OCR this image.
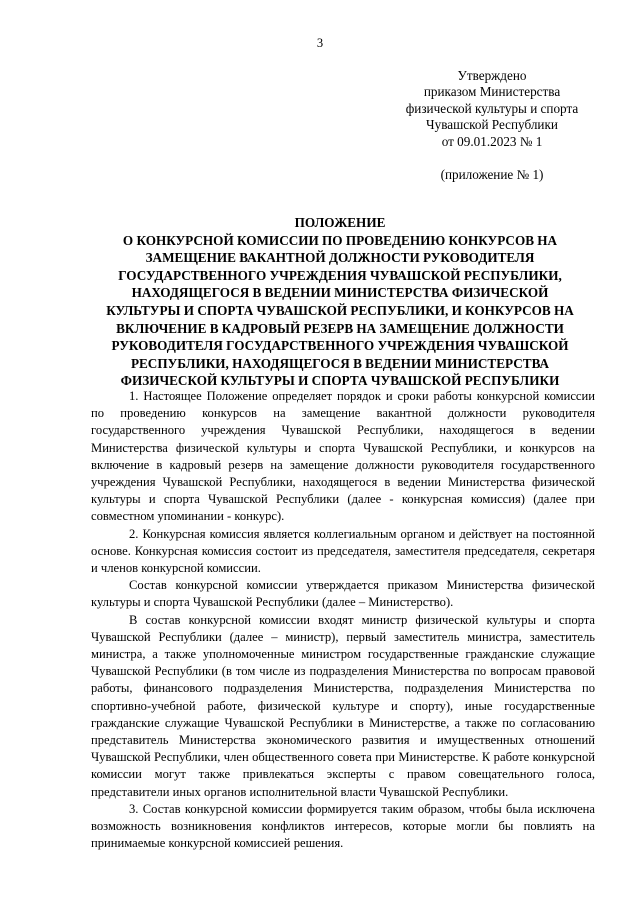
3
Утверждено
приказом Министерства
физической культуры и спорта
Чувашской Республики
от 09.01.2023 № 1
(приложение № 1)
ПОЛОЖЕНИЕ
О КОНКУРСНОЙ КОМИССИИ ПО ПРОВЕДЕНИЮ КОНКУРСОВ НА
ЗАМЕЩЕНИЕ ВАКАНТНОЙ ДОЛЖНОСТИ РУКОВОДИТЕЛЯ
ГОСУДАРСТВЕННОГО УЧРЕЖДЕНИЯ ЧУВАШСКОЙ РЕСПУБЛИКИ,
НАХОДЯЩЕГОСЯ В ВЕДЕНИИ МИНИСТЕРСТВА ФИЗИЧЕСКОЙ
КУЛЬТУРЫ И СПОРТА ЧУВАШСКОЙ РЕСПУБЛИКИ, И КОНКУРСОВ НА
ВКЛЮЧЕНИЕ В КАДРОВЫЙ РЕЗЕРВ НА ЗАМЕЩЕНИЕ ДОЛЖНОСТИ
РУКОВОДИТЕЛЯ ГОСУДАРСТВЕННОГО УЧРЕЖДЕНИЯ ЧУВАШСКОЙ
РЕСПУБЛИКИ, НАХОДЯЩЕГОСЯ В ВЕДЕНИИ МИНИСТЕРСТВА
ФИЗИЧЕСКОЙ КУЛЬТУРЫ И СПОРТА ЧУВАШСКОЙ РЕСПУБЛИКИ

1. Настоящее Положение определяет порядок и сроки работы конкурсной комиссии по проведению конкурсов на замещение вакантной должности руководителя государственного учреждения Чувашской Республики, находящегося в ведении Министерства физической культуры и спорта Чувашской Республики, и конкурсов на включение в кадровый резерв на замещение должности руководителя государственного учреждения Чувашской Республики, находящегося в ведении Министерства физической культуры и спорта Чувашской Республики (далее - конкурсная комиссия) (далее при совместном упоминании - конкурс).

2. Конкурсная комиссия является коллегиальным органом и действует на постоянной основе. Конкурсная комиссия состоит из председателя, заместителя председателя, секретаря и членов конкурсной комиссии.

Состав конкурсной комиссии утверждается приказом Министерства физической культуры и спорта Чувашской Республики (далее – Министерство).

В состав конкурсной комиссии входят министр физической культуры и спорта Чувашской Республики (далее – министр), первый заместитель министра, заместитель министра, а также уполномоченные министром государственные гражданские служащие Чувашской Республики (в том числе из подразделения Министерства по вопросам правовой работы, финансового подразделения Министерства, подразделения Министерства по спортивно-учебной работе, физической культуре и спорту), иные государственные гражданские служащие Чувашской Республики в Министерстве, а также по согласованию представитель Министерства экономического развития и имущественных отношений Чувашской Республики, член общественного совета при Министерстве. К работе конкурсной комиссии могут также привлекаться эксперты с правом совещательного голоса, представители иных органов исполнительной власти Чувашской Республики.

3. Состав конкурсной комиссии формируется таким образом, чтобы была исключена возможность возникновения конфликтов интересов, которые могли бы повлиять на принимаемые конкурсной комиссией решения.
